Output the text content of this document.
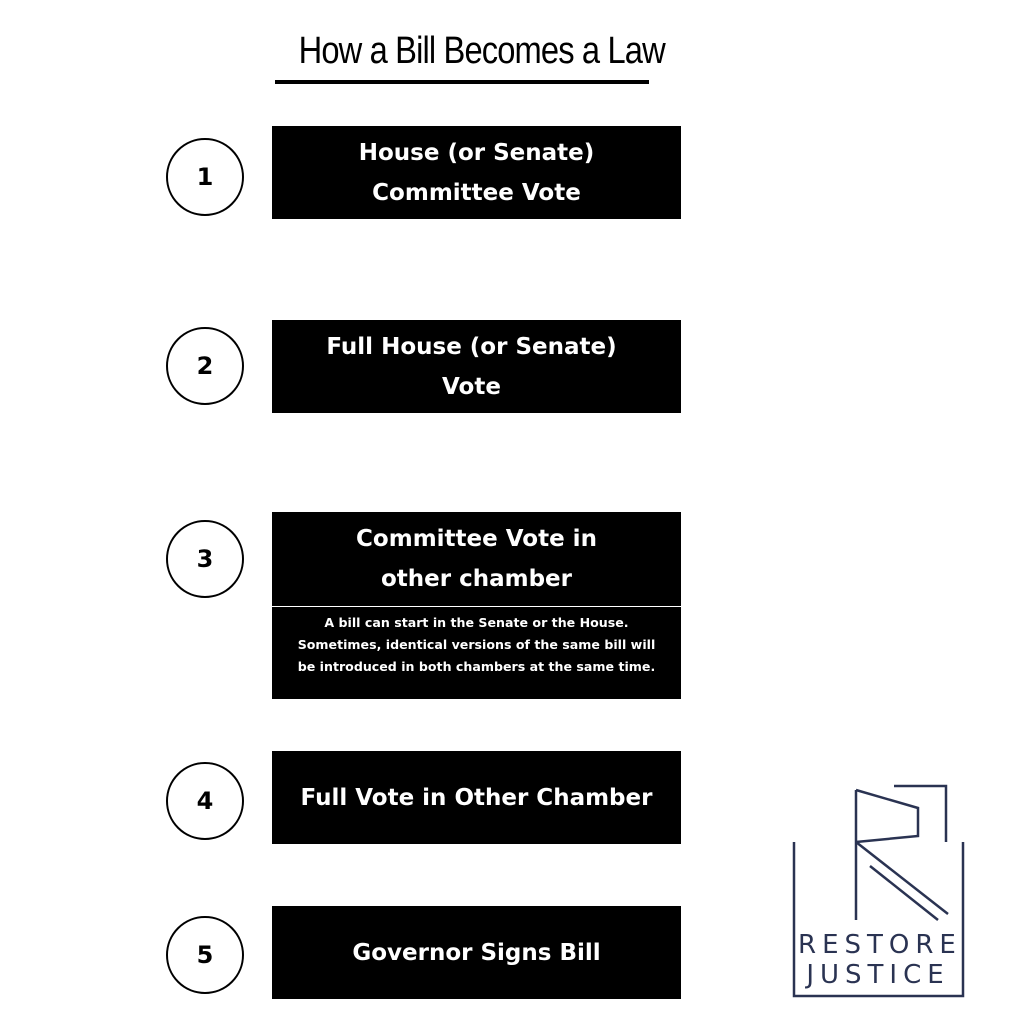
How a Bill Becomes a Law
1
House (or Senate)
Committee Vote
2
Full House (or Senate)
Vote
3
Committee Vote in
other chamber
A bill can start in the Senate or the House. Sometimes, identical versions of the same bill will be introduced in both chambers at the same time.
4	Full Vote in Other Chamber
5	Governor Signs Bill	RESTORE
JUSTICE
